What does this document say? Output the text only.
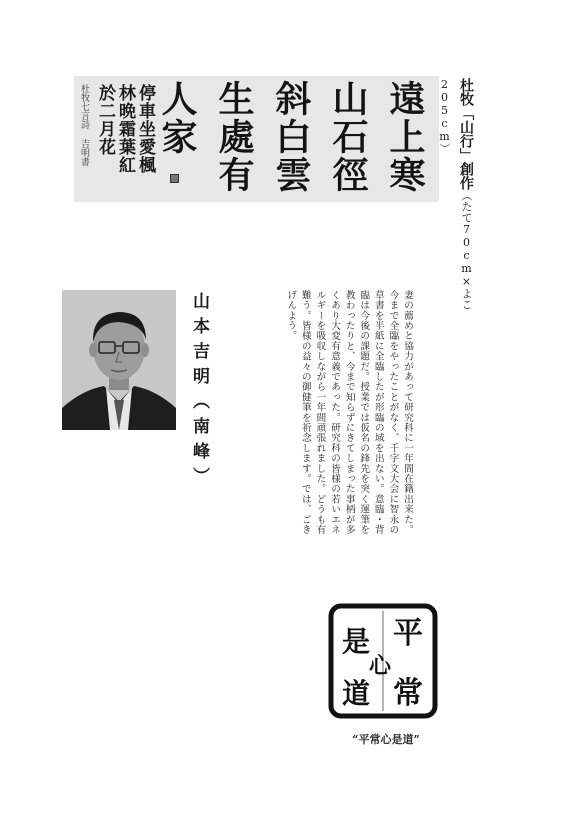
遠上寒
山石徑
斜白雲
生處有
人家
停車坐愛楓
林晩霜葉紅
於二月花
杜牧七言詩 吉明書	杜牧「山行」創作（たて70cm×よこ205cm）
山本吉明（南峰）	妻の薦めと協力があって研究科に一年間在籍出来た。今まで全臨をやったことがなく、千字文大会に智永の草書を半紙に全臨したが形臨の域を出ない。意臨・背臨は今後の課題だ。授業では仮名の鋒先を突く運筆を教わったりと、今まで知らずにきてしまった事柄が多くあり大変有意義であった。研究科の皆様の若いエネルギーを吸収しながら一年間頑張れました。どうも有難う。皆様の益々の御健筆を祈念します。では、ごきげんよう。

平
常
心
是
道
“平常心是道”
